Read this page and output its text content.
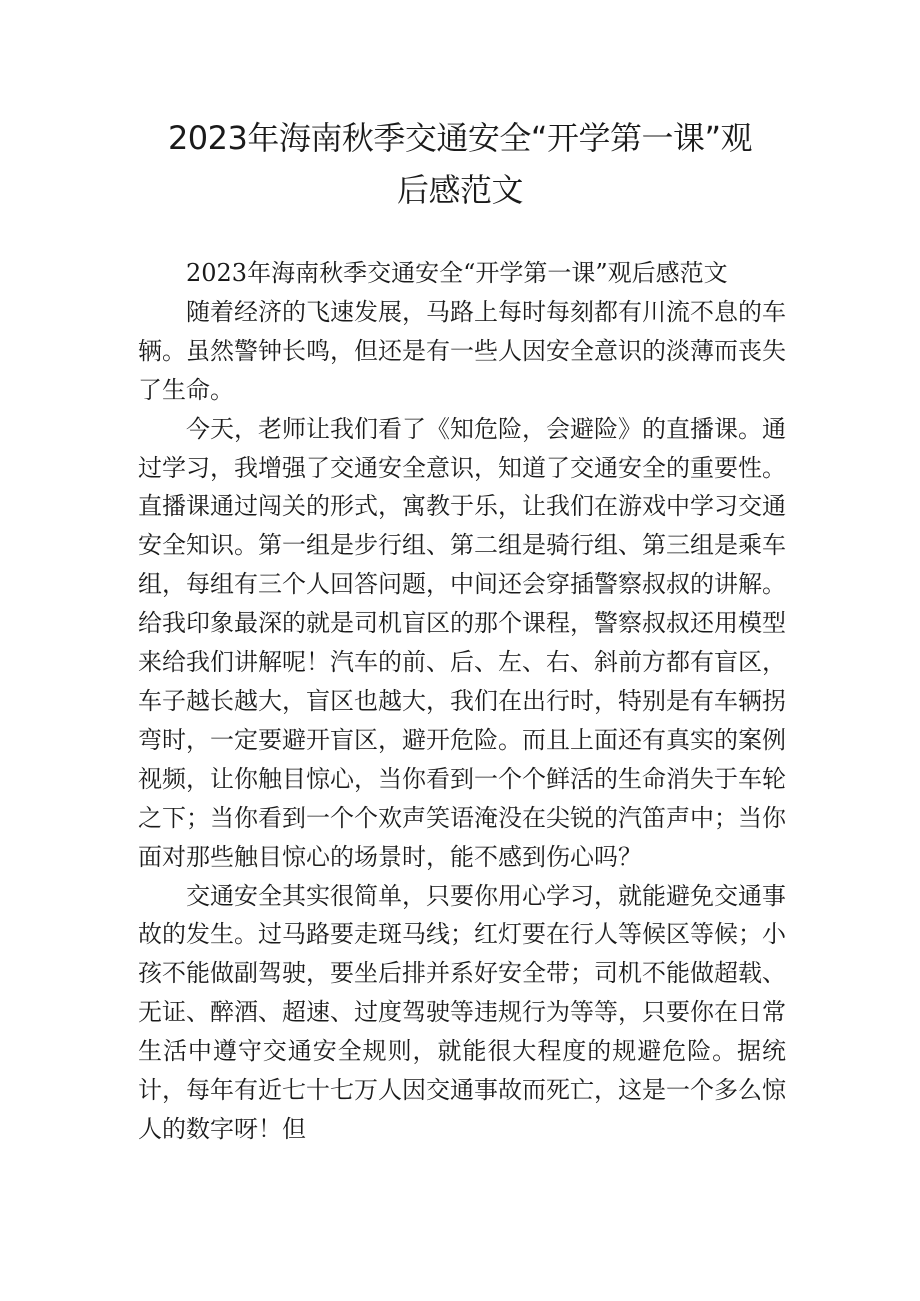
2023年海南秋季交通安全“开学第一课”观
后感范文

2023年海南秋季交通安全“开学第一课”观后感范文

随着经济的飞速发展，马路上每时每刻都有川流不息的车辆。虽然警钟长鸣，但还是有一些人因安全意识的淡薄而丧失了生命。

今天，老师让我们看了《知危险，会避险》的直播课。通过学习，我增强了交通安全意识，知道了交通安全的重要性。直播课通过闯关的形式，寓教于乐，让我们在游戏中学习交通安全知识。第一组是步行组、第二组是骑行组、第三组是乘车组，每组有三个人回答问题，中间还会穿插警察叔叔的讲解。给我印象最深的就是司机盲区的那个课程，警察叔叔还用模型来给我们讲解呢！汽车的前、后、左、右、斜前方都有盲区，车子越长越大，盲区也越大，我们在出行时，特别是有车辆拐弯时，一定要避开盲区，避开危险。而且上面还有真实的案例视频，让你触目惊心，当你看到一个个鲜活的生命消失于车轮之下；当你看到一个个欢声笑语淹没在尖锐的汽笛声中；当你面对那些触目惊心的场景时，能不感到伤心吗？

交通安全其实很简单，只要你用心学习，就能避免交通事故的发生。过马路要走斑马线；红灯要在行人等候区等候；小孩不能做副驾驶，要坐后排并系好安全带；司机不能做超载、无证、醉酒、超速、过度驾驶等违规行为等等，只要你在日常生活中遵守交通安全规则，就能很大程度的规避危险。据统计，每年有近七十七万人因交通事故而死亡，这是一个多么惊人的数字呀！但
